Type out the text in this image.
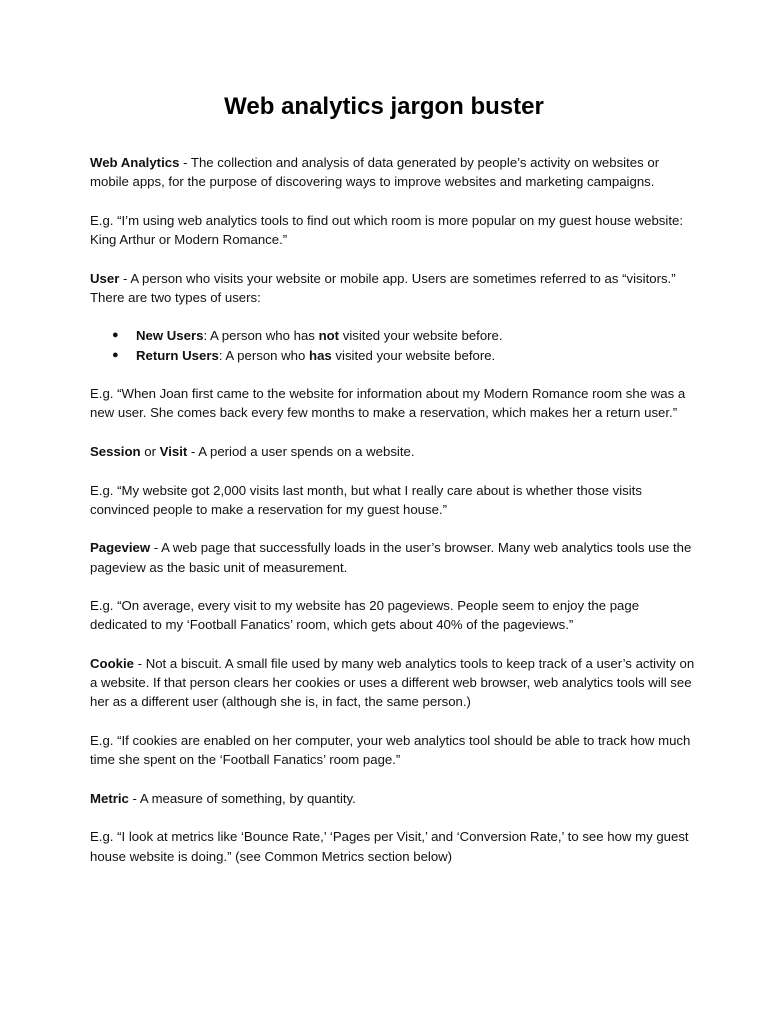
Web analytics jargon buster

Web Analytics - The collection and analysis of data generated by people’s activity on websites or mobile apps, for the purpose of discovering ways to improve websites and marketing campaigns.

E.g. “I’m using web analytics tools to find out which room is more popular on my guest house website: King Arthur or Modern Romance.”

User - A person who visits your website or mobile app. Users are sometimes referred to as “visitors.” There are two types of users:

● New Users: A person who has not visited your website before.
● Return Users: A person who has visited your website before.

E.g. “When Joan first came to the website for information about my Modern Romance room she was a new user. She comes back every few months to make a reservation, which makes her a return user.”

Session or Visit - A period a user spends on a website.

E.g. “My website got 2,000 visits last month, but what I really care about is whether those visits convinced people to make a reservation for my guest house.”

Pageview - A web page that successfully loads in the user’s browser. Many web analytics tools use the pageview as the basic unit of measurement.

E.g. “On average, every visit to my website has 20 pageviews. People seem to enjoy the page dedicated to my ‘Football Fanatics’ room, which gets about 40% of the pageviews.”

Cookie - Not a biscuit. A small file used by many web analytics tools to keep track of a user’s activity on a website. If that person clears her cookies or uses a different web browser, web analytics tools will see her as a different user (although she is, in fact, the same person.)

E.g. “If cookies are enabled on her computer, your web analytics tool should be able to track how much time she spent on the ‘Football Fanatics’ room page.”

Metric - A measure of something, by quantity.

E.g. “I look at metrics like ‘Bounce Rate,’ ‘Pages per Visit,’ and ‘Conversion Rate,’ to see how my guest house website is doing.” (see Common Metrics section below)
